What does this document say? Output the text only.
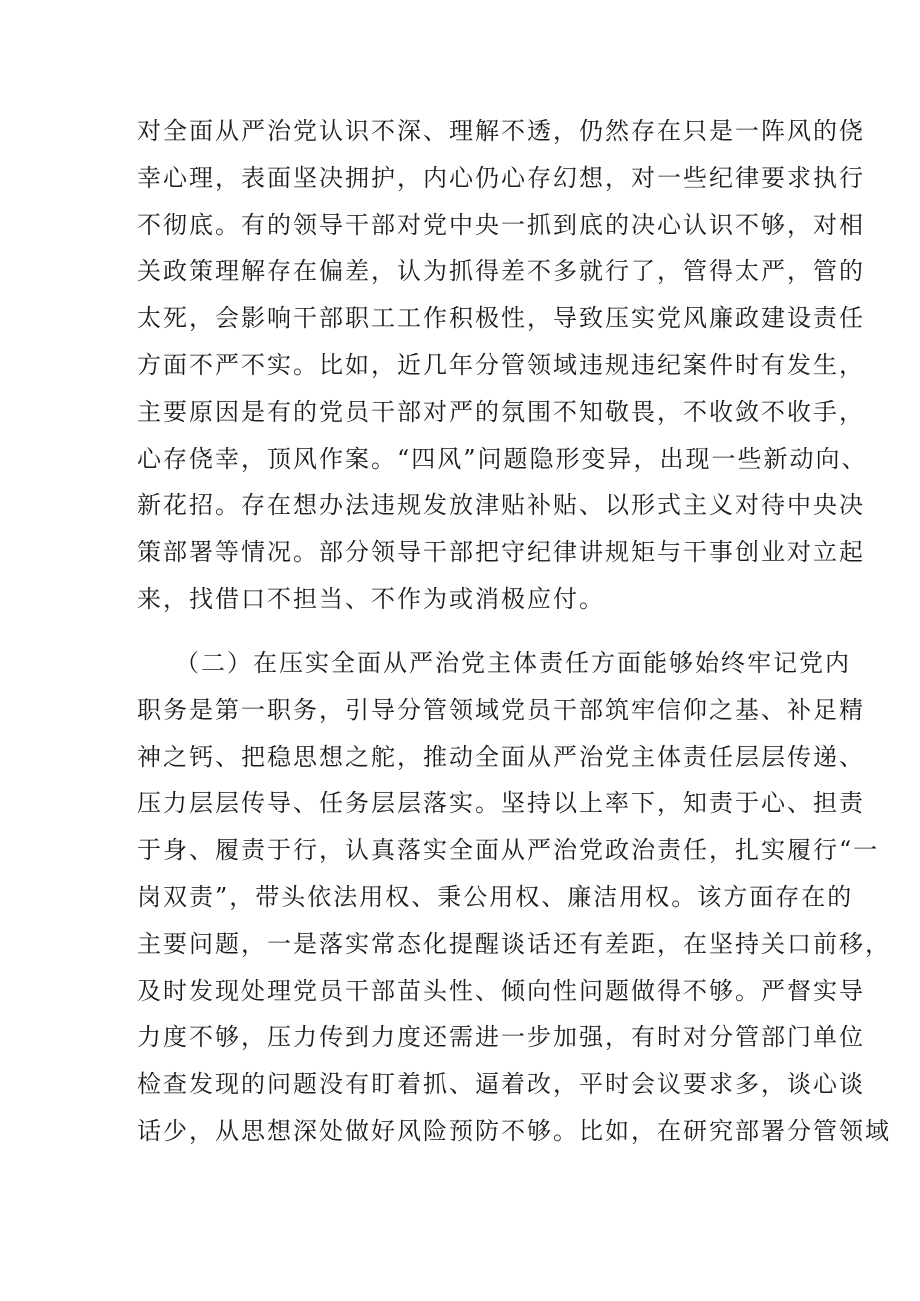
对全面从严治党认识不深、理解不透，仍然存在只是一阵风的侥
幸心理，表面坚决拥护，内心仍心存幻想，对一些纪律要求执行
不彻底。有的领导干部对党中央一抓到底的决心认识不够，对相
关政策理解存在偏差，认为抓得差不多就行了，管得太严，管的
太死，会影响干部职工工作积极性，导致压实党风廉政建设责任
方面不严不实。比如，近几年分管领域违规违纪案件时有发生，
主要原因是有的党员干部对严的氛围不知敬畏，不收敛不收手，
心存侥幸，顶风作案。“四风”问题隐形变异，出现一些新动向、
新花招。存在想办法违规发放津贴补贴、以形式主义对待中央决
策部署等情况。部分领导干部把守纪律讲规矩与干事创业对立起
来，找借口不担当、不作为或消极应付。
（二）在压实全面从严治党主体责任方面能够始终牢记党内
职务是第一职务，引导分管领域党员干部筑牢信仰之基、补足精
神之钙、把稳思想之舵，推动全面从严治党主体责任层层传递、
压力层层传导、任务层层落实。坚持以上率下，知责于心、担责
于身、履责于行，认真落实全面从严治党政治责任，扎实履行“一
岗双责”，带头依法用权、秉公用权、廉洁用权。该方面存在的
主要问题，一是落实常态化提醒谈话还有差距，在坚持关口前移，
及时发现处理党员干部苗头性、倾向性问题做得不够。严督实导
力度不够，压力传到力度还需进一步加强，有时对分管部门单位
检查发现的问题没有盯着抓、逼着改，平时会议要求多，谈心谈
话少，从思想深处做好风险预防不够。比如，在研究部署分管领域
